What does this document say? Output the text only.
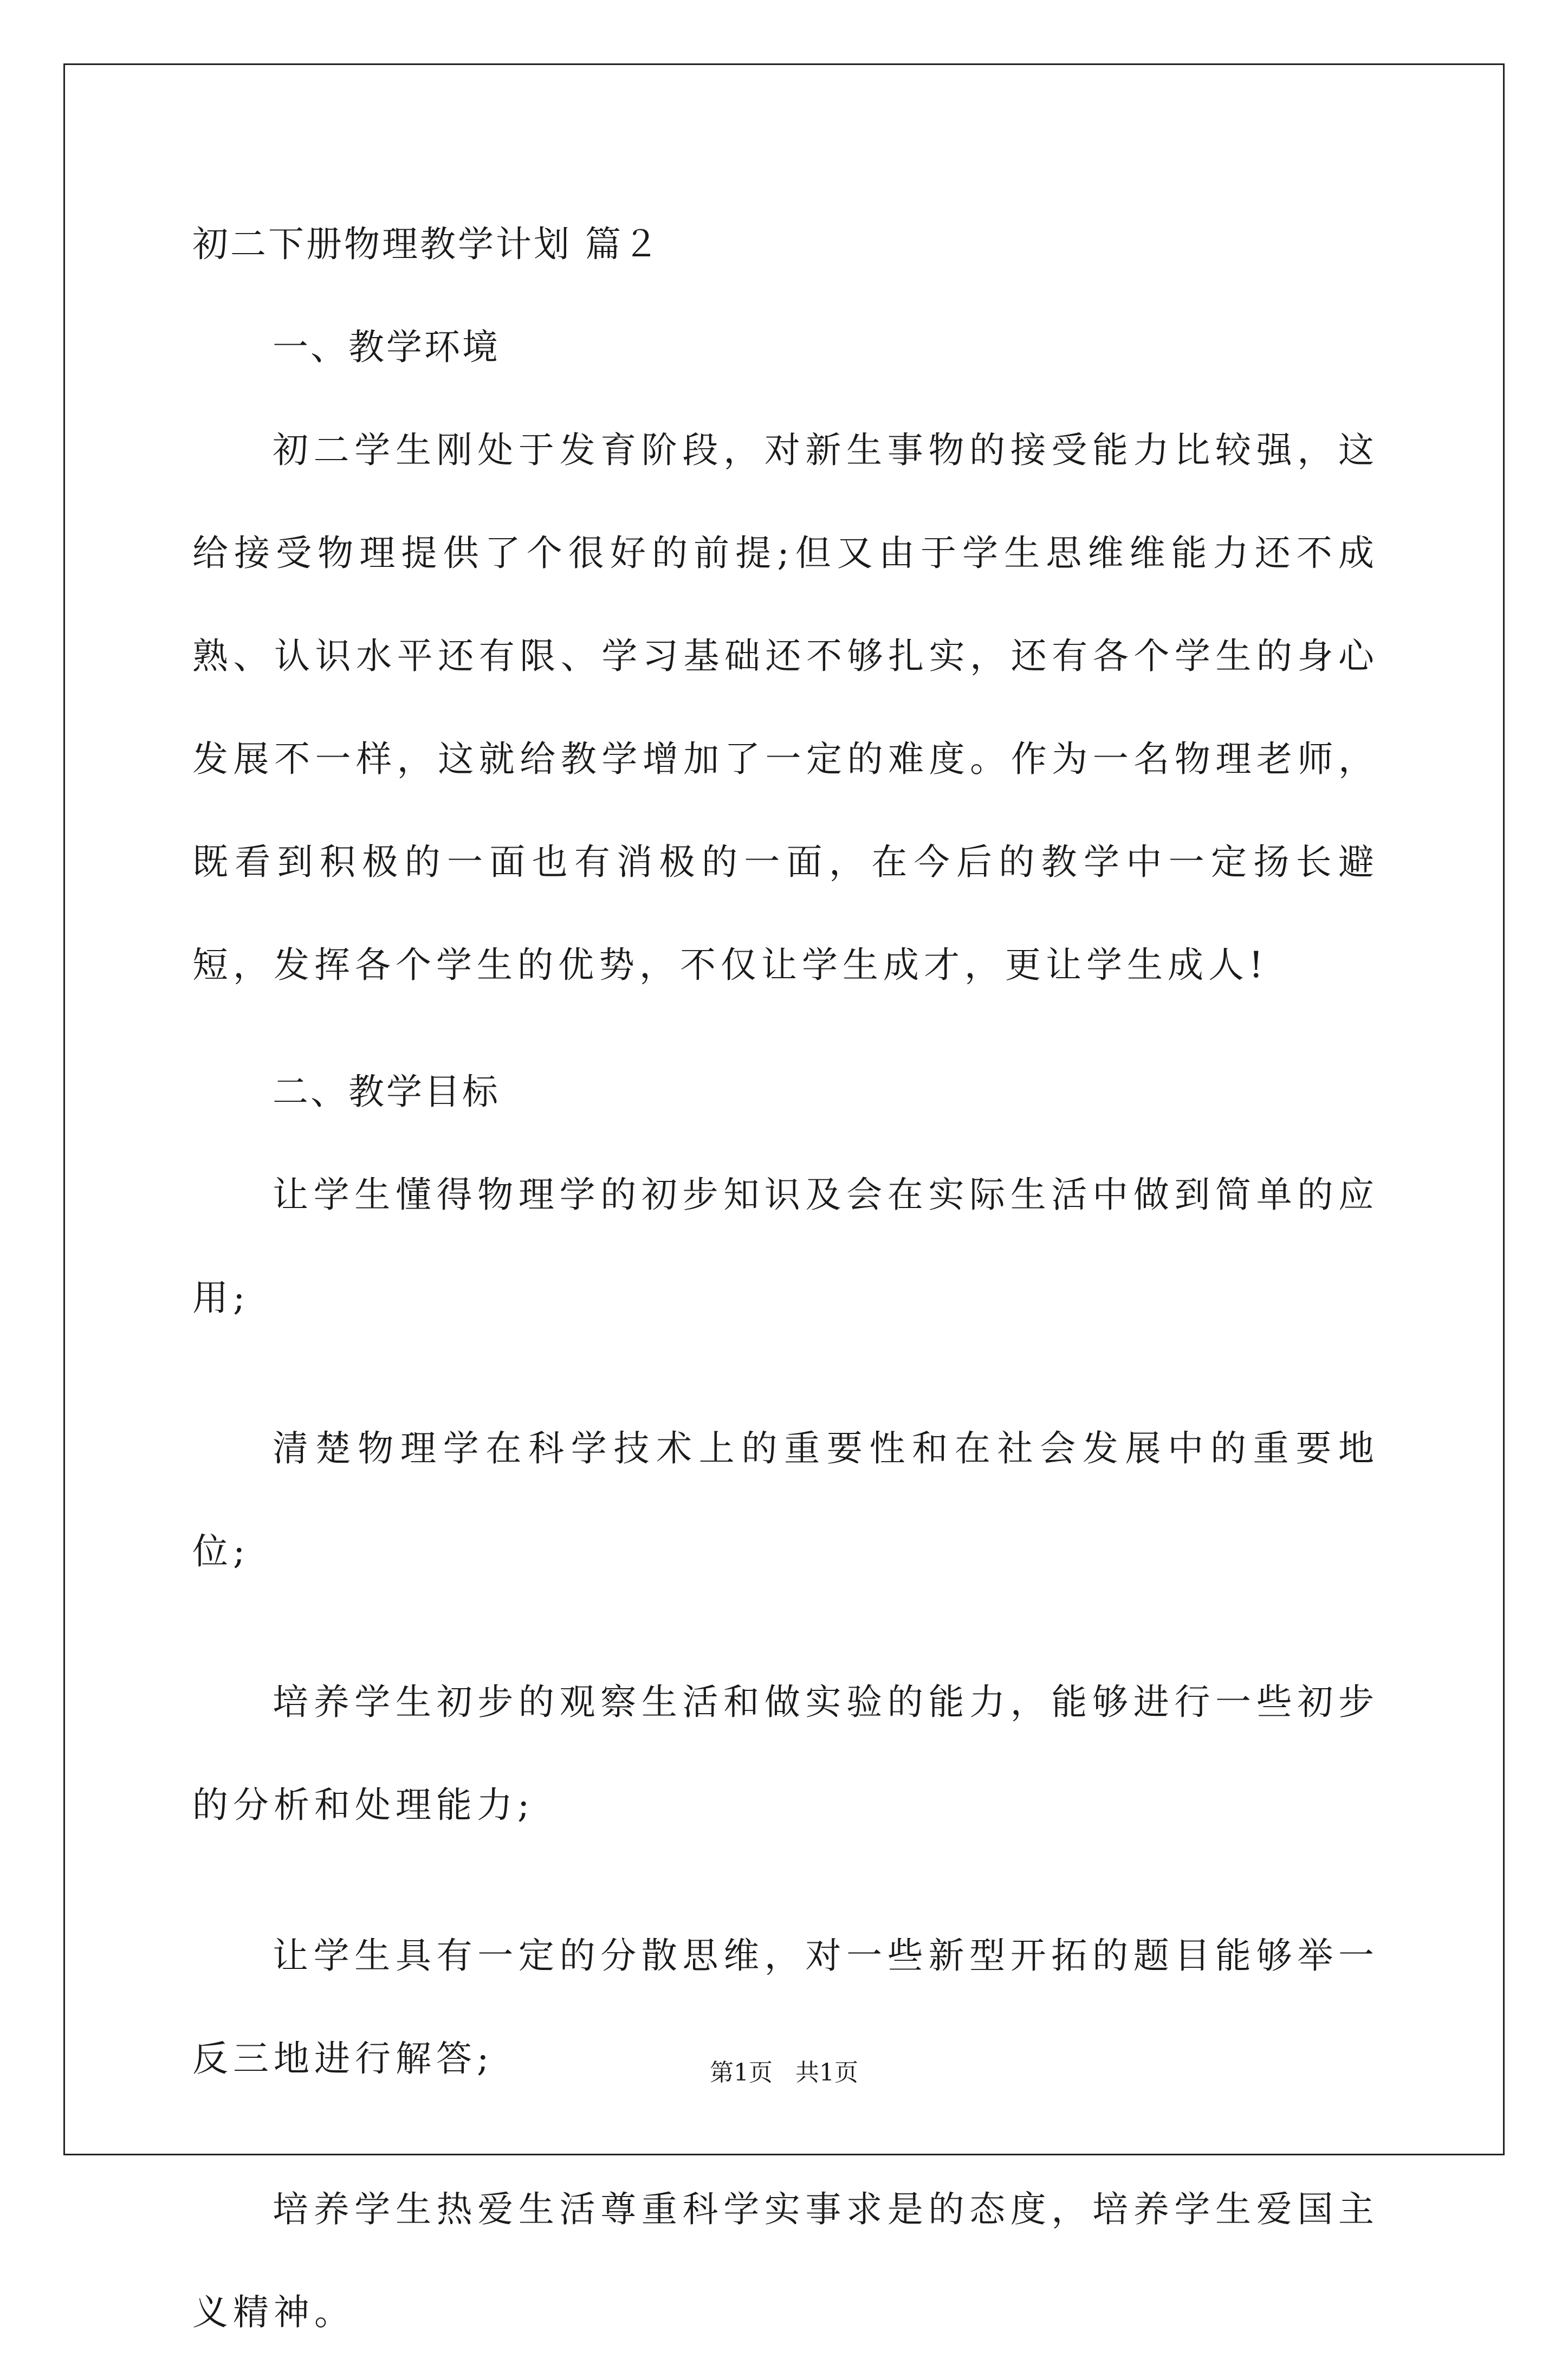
初二下册物理教学计划 篇２
一、教学环境

初二学生刚处于发育阶段，对新生事物的接受能力比较强，这给接受物理提供了个很好的前提;但又由于学生思维维能力还不成熟、认识水平还有限、学习基础还不够扎实，还有各个学生的身心发展不一样，这就给教学增加了一定的难度。作为一名物理老师，既看到积极的一面也有消极的一面，在今后的教学中一定扬长避短，发挥各个学生的优势，不仅让学生成才，更让学生成人!

二、教学目标

让学生懂得物理学的初步知识及会在实际生活中做到简单的应用;

清楚物理学在科学技术上的重要性和在社会发展中的重要地位;

培养学生初步的观察生活和做实验的能力，能够进行一些初步的分析和处理能力;

让学生具有一定的分散思维，对一些新型开拓的题目能够举一反三地进行解答;

培养学生热爱生活尊重科学实事求是的态度，培养学生爱国主义精神。

第1页   共1页
